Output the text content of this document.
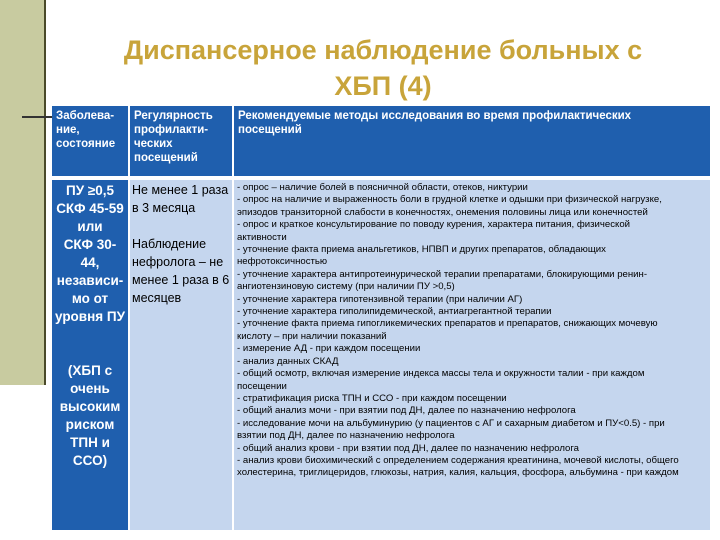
Диспансерное наблюдение больных с
ХБП (4)
Заболева-
ние,
состояние
Регулярность
профилакти-
ческих
посещений
Рекомендуемые методы исследования во время профилактических
посещений

ПУ ≥0,5

СКФ 45-59

или

СКФ 30-

44,

независи-

мо от

уровня ПУ

(ХБП с

очень

высоким

риском

ТПН и

ССО)

Не менее 1 раза

в 3 месяца

Наблюдение

нефролога – не

менее 1 раза в 6

месяцев

- опрос – наличие болей в поясничной области, отеков, никтурии
- опрос на наличие и выраженность боли в грудной клетке и одышки при физической нагрузке,
эпизодов транзиторной слабости в конечностях, онемения половины лица или конечностей
- опрос и краткое консультирование по поводу курения, характера питания, физической
активности
- уточнение факта приема анальгетиков, НПВП и других препаратов, обладающих
нефротоксичностью
- уточнение характера антипротеинурической терапии препаратами, блокирующими ренин-
ангиотензиновую систему (при наличии ПУ >0,5)
- уточнение характера гипотензивной терапии (при наличии АГ)
- уточнение характера гиполипидемической, антиагрегантной терапии
- уточнение факта приема гипогликемических препаратов и препаратов, снижающих мочевую
кислоту – при наличии показаний
- измерение АД - при каждом посещении
- анализ данных СКАД
- общий осмотр, включая измерение индекса массы тела и окружности талии - при каждом
посещении
- стратификация риска ТПН и ССО - при каждом посещении
- общий анализ мочи - при взятии под ДН, далее по назначению нефролога
- исследование мочи на альбуминурию (у пациентов с АГ и сахарным диабетом и ПУ<0.5) - при
взятии под ДН, далее по назначению нефролога
- общий анализ крови - при взятии под ДН, далее по назначению нефролога
- анализ крови биохимический с определением содержания креатинина, мочевой кислоты, общего
холестерина, триглицеридов, глюкозы, натрия, калия, кальция, фосфора, альбумина - при каждом
